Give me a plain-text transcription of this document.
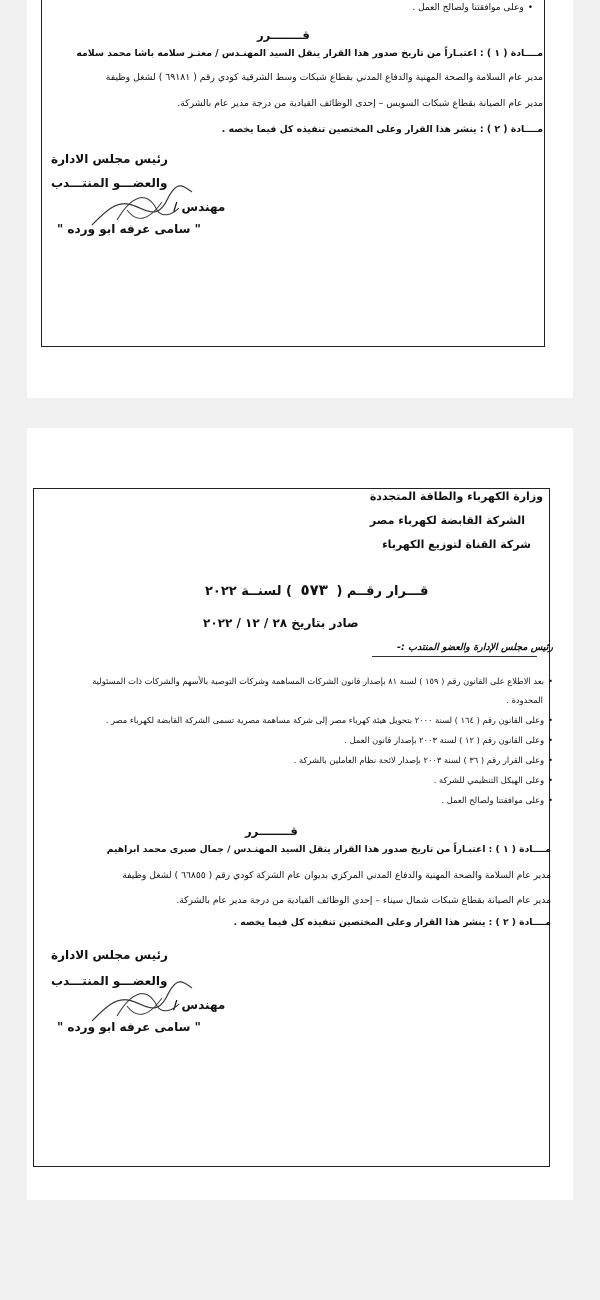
• وعلى موافقتنا ولصالح العمل .
قــــــــرر
مــــادة ( ١ ) : اعتبـاراً من تاريخ صدور هذا القرار ينقل السيد المهنـدس / معتـز سلامه باشا محمد سلامه
مدير عام السلامة والصحة المهنية والدفاع المدني بقطاع شبكات وسط الشرقية كودي رقم ( ٦٩١٨١ ) لشغل وظيفة
مدير عام الصيانة بقطاع شبكات السويس – إحدى الوظائف القيادية من درجة مدير عام بالشركة.
مــــادة ( ٢ ) : ينشر هذا القرار وعلى المختصين تنفيذه كل فيما يخصه .
رئيس مجلس الادارة
والعضـــو المنتـــدب
مهندس /
" سامى عرفه ابو ورده "
وزارة الكهرباء والطاقة المتجددة
الشركة القابضة لكهرباء مصر
شركة القناة لتوزيع الكهرباء
قـــرار رقــم ( ٥٧٣ ) لسنــة ٢٠٢٢
صادر بتاريخ ٢٨ / ١٢ / ٢٠٢٢
رئيس مجلس الإدارة والعضو المنتدب :-
• بعد الاطلاع على القانون رقم ( ١٥٩ ) لسنة ٨١ بإصدار قانون الشركات المساهمة وشركات التوصية بالأسهم والشركات ذات المسئولية
المحدودة .
• وعلى القانون رقم ( ١٦٤ ) لسنة ٢٠٠٠ بتحويل هيئة كهرباء مصر إلى شركة مساهمة مصرية تسمى الشركة القابضة لكهرباء مصر .
• وعلى القانون رقم ( ١٢ ) لسنة ٢٠٠٣ بإصدار قانون العمل .
• وعلى القرار رقم ( ٣٦ ) لسنة ٢٠٠٣ بإصدار لائحة نظام العاملين بالشركة .
• وعلى الهيكل التنظيمي للشركة .
• وعلى موافقتنا ولصالح العمل .
قــــــــرر
مــــادة ( ١ ) : اعتبـاراً من تاريخ صدور هذا القرار ينقل السيد المهنـدس / جمال صبرى محمد ابراهيم
مدير عام السلامة والصحة المهنية والدفاع المدني المركزي بديوان عام الشركة كودي رقم ( ٦٦٨٥٥ ) لشغل وظيفة
مدير عام الصيانة بقطاع شبكات شمال سيناء – إحدى الوظائف القيادية من درجة مدير عام بالشركة.
مــــادة ( ٢ ) : ينشر هذا القرار وعلى المختصين تنفيذه كل فيما يخصه .
رئيس مجلس الادارة
والعضـــو المنتـــدب
مهندس /
" سامى عرفه ابو ورده "
